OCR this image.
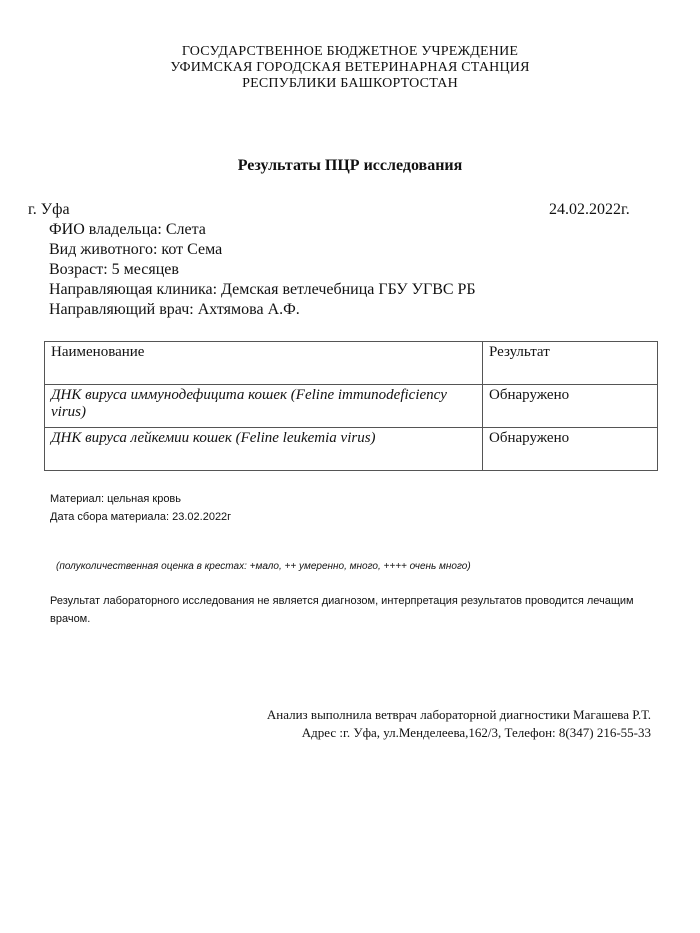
ГОСУДАРСТВЕННОЕ БЮДЖЕТНОЕ УЧРЕЖДЕНИЕ
УФИМСКАЯ ГОРОДСКАЯ ВЕТЕРИНАРНАЯ СТАНЦИЯ
РЕСПУБЛИКИ БАШКОРТОСТАН
Результаты ПЦР исследования
г. Уфа	24.02.2022г.
ФИО владельца: Слета
Вид животного: кот Сема
Возраст: 5 месяцев
Направляющая клиника: Демская ветлечебница ГБУ УГВС РБ
Направляющий врач: Ахтямова А.Ф.
Наименование	Результат
ДНК вируса иммунодефицита кошек (Feline immunodeficiency virus)	Обнаружено
ДНК вируса лейкемии кошек (Feline leukemia virus)	Обнаружено
Материал: цельная кровь
Дата сбора материала: 23.02.2022г
(полуколичественная оценка в крестах: +мало, ++ умеренно, много, ++++ очень много)
Результат лабораторного исследования не является диагнозом, интерпретация результатов проводится лечащим врачом.
Анализ выполнила ветврач лабораторной диагностики Магашева Р.Т.
Адрес :г. Уфа, ул.Менделеева,162/3, Телефон: 8(347) 216-55-33
